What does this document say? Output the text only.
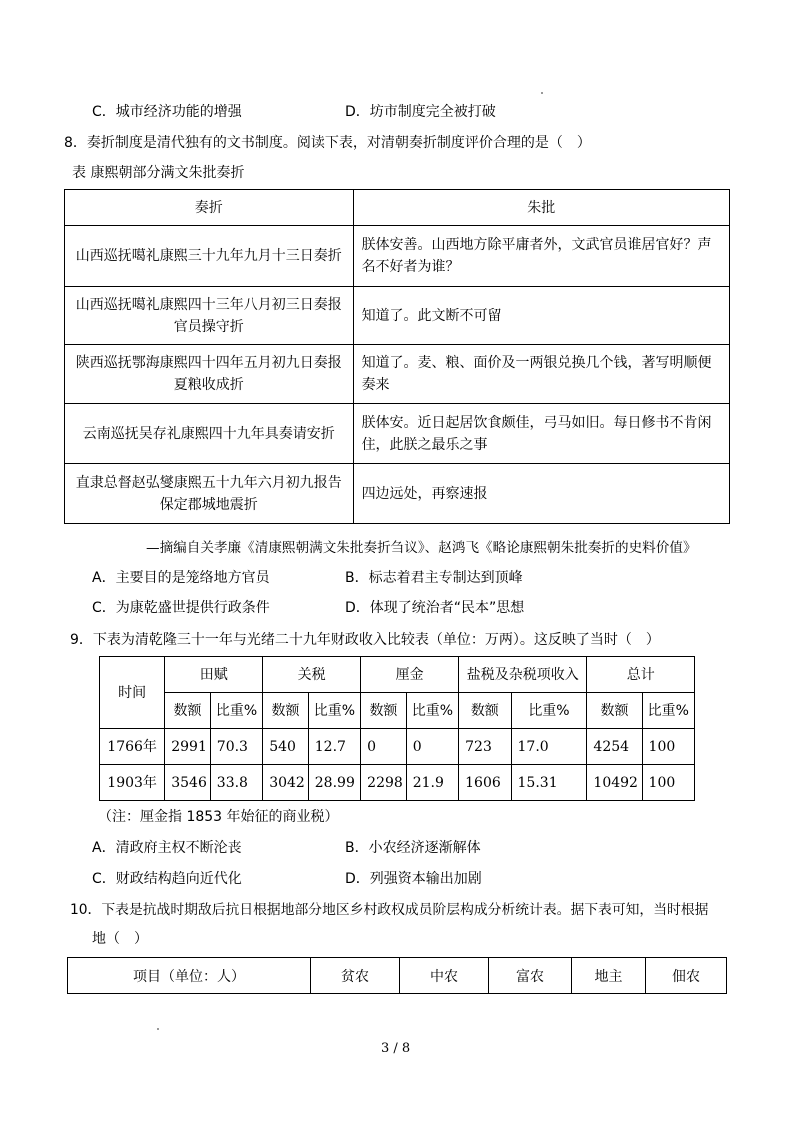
C．城市经济功能的增强	D．坊市制度完全被打破
8．奏折制度是清代独有的文书制度。阅读下表，对清朝奏折制度评价合理的是（　）
表 康熙朝部分满文朱批奏折
奏折	朱批
山西巡抚噶礼康熙三十九年九月十三日奏折	朕体安善。山西地方除平庸者外，文武官员谁居官好？声名不好者为谁？
山西巡抚噶礼康熙四十三年八月初三日奏报官员操守折	知道了。此文断不可留
陕西巡抚鄂海康熙四十四年五月初九日奏报夏粮收成折	知道了。麦、粮、面价及一两银兑换几个钱，著写明顺便奏来
云南巡抚吴存礼康熙四十九年具奏请安折	朕体安。近日起居饮食颇佳，弓马如旧。每日修书不肯闲住，此朕之最乐之事
直隶总督赵弘燮康熙五十九年六月初九报告保定郡城地震折	四边远处，再察速报
—摘编自关孝廉《清康熙朝满文朱批奏折刍议》、赵鸿飞《略论康熙朝朱批奏折的史料价值》
A．主要目的是笼络地方官员	B．标志着君主专制达到顶峰
C．为康乾盛世提供行政条件	D．体现了统治者“民本”思想
9．下表为清乾隆三十一年与光绪二十九年财政收入比较表（单位：万两）。这反映了当时（　）
时间	田赋		关税		厘金		盐税及杂税项收入		总计	
	数额	比重%	数额	比重%	数额	比重%	数额	比重%	数额	比重%
1766年	2991	70.3	540	12.7	0	0	723	17.0	4254	100
1903年	3546	33.8	3042	28.99	2298	21.9	1606	15.31	10492	100
（注：厘金指 1853 年始征的商业税）
A．清政府主权不断沦丧	B．小农经济逐渐解体
C．财政结构趋向近代化	D．列强资本输出加剧
10．下表是抗战时期敌后抗日根据地部分地区乡村政权成员阶层构成分析统计表。据下表可知，当时根据
地（　）
项目（单位：人）	贫农	中农	富农	地主	佃农
3 / 8
